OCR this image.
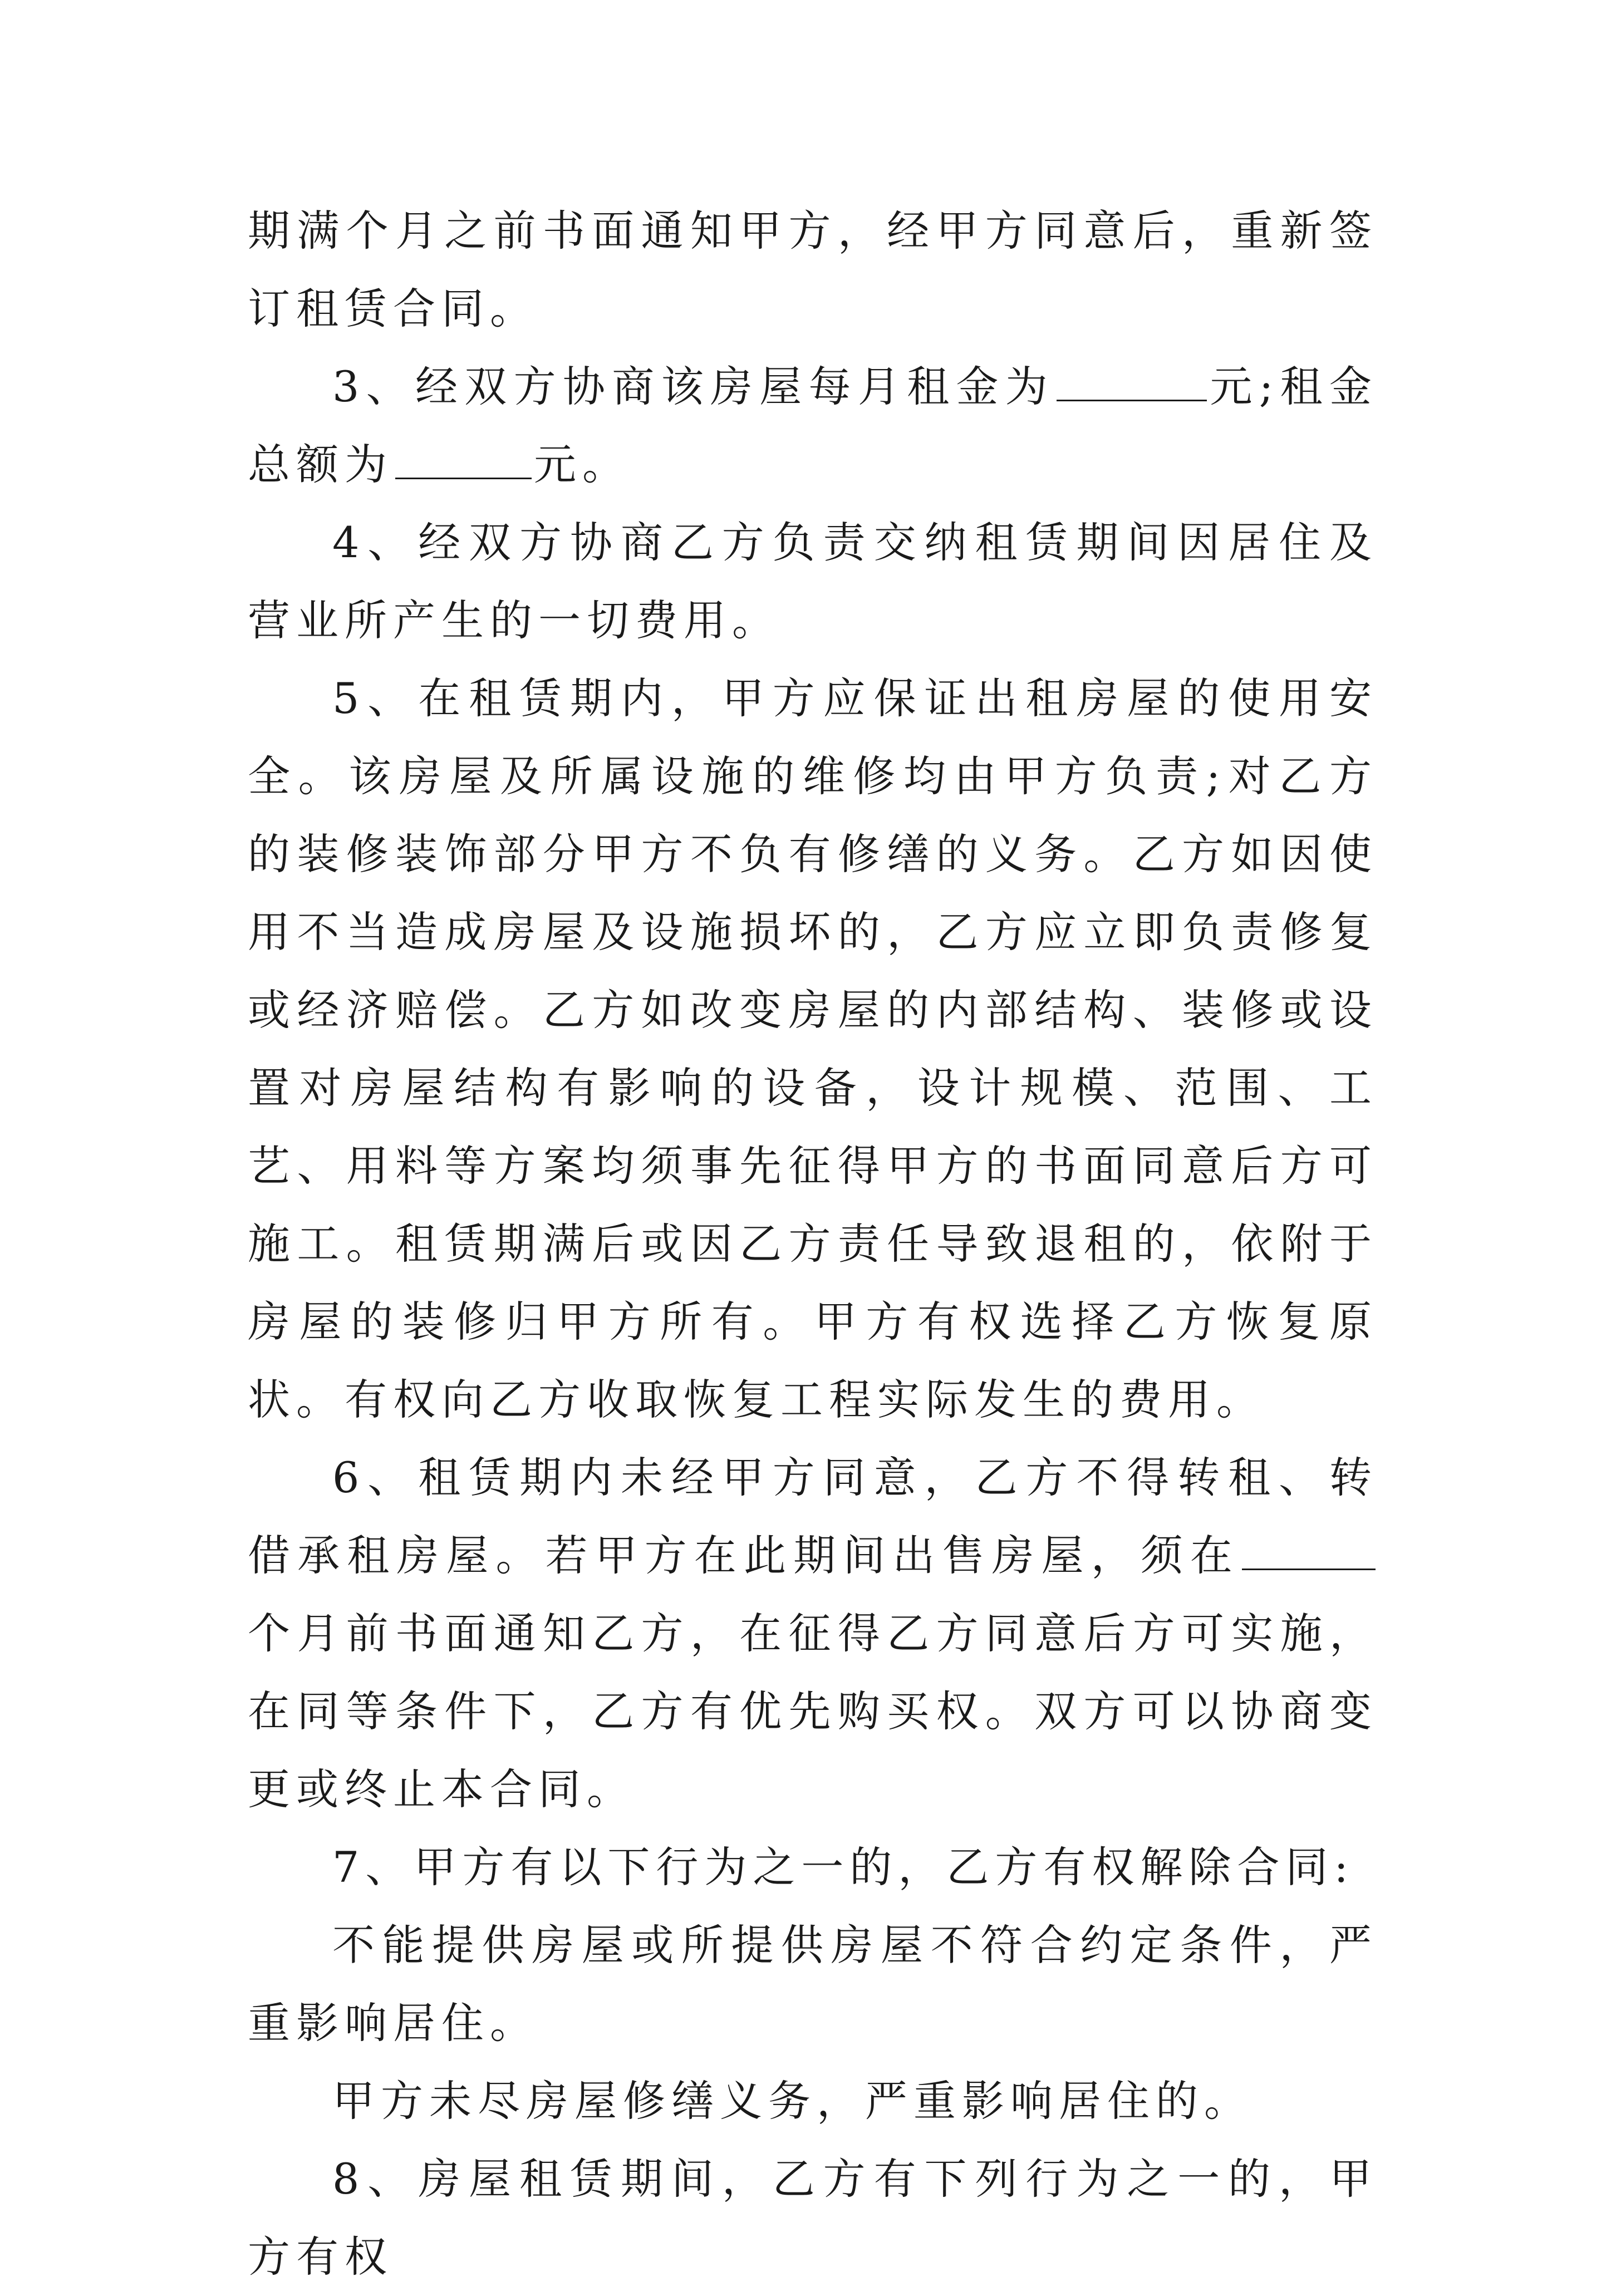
期满个月之前书面通知甲方，经甲方同意后，重新签订租赁合同。

3、经双方协商该房屋每月租金为	元;租金总额为	元。

4、经双方协商乙方负责交纳租赁期间因居住及营业所产生的一切费用。

5、在租赁期内，甲方应保证出租房屋的使用安全。该房屋及所属设施的维修均由甲方负责;对乙方的装修装饰部分甲方不负有修缮的义务。乙方如因使用不当造成房屋及设施损坏的，乙方应立即负责修复或经济赔偿。乙方如改变房屋的内部结构、装修或设置对房屋结构有影响的设备，设计规模、范围、工艺、用料等方案均须事先征得甲方的书面同意后方可施工。租赁期满后或因乙方责任导致退租的，依附于房屋的装修归甲方所有。甲方有权选择乙方恢复原状。有权向乙方收取恢复工程实际发生的费用。

6、租赁期内未经甲方同意，乙方不得转租、转借承租房屋。若甲方在此期间出售房屋，须在个月前书面通知乙方，在征得乙方同意后方可实施，在同等条件下，乙方有优先购买权。双方可以协商变更或终止本合同。

7、甲方有以下行为之一的，乙方有权解除合同:

不能提供房屋或所提供房屋不符合约定条件，严重影响居住。

甲方未尽房屋修缮义务，严重影响居住的。

8、房屋租赁期间，乙方有下列行为之一的，甲方有权
